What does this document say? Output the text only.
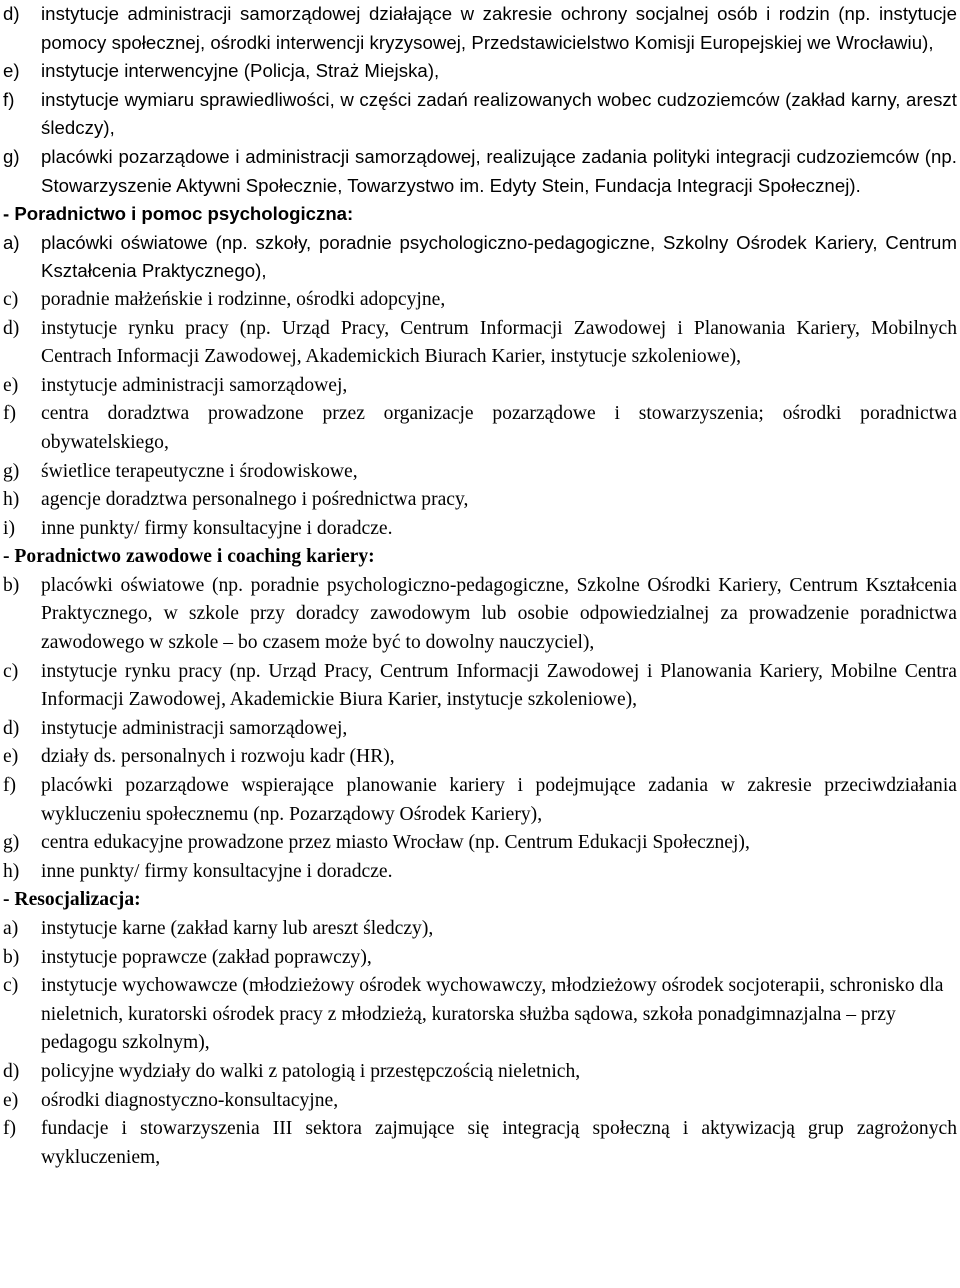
d)	instytucje administracji samorządowej działające w zakresie ochrony socjalnej osób i rodzin (np. instytucje pomocy społecznej, ośrodki interwencji kryzysowej, Przedstawicielstwo Komisji Europejskiej we Wrocławiu),
e)	instytucje interwencyjne (Policja, Straż Miejska),
f)	instytucje wymiaru sprawiedliwości, w części zadań realizowanych wobec cudzoziemców (zakład karny, areszt śledczy),
g)	placówki pozarządowe i administracji samorządowej, realizujące zadania polityki integracji cudzoziemców (np. Stowarzyszenie Aktywni Społecznie, Towarzystwo im. Edyty Stein, Fundacja Integracji Społecznej).
- Poradnictwo i pomoc psychologiczna:
a)	placówki oświatowe (np. szkoły, poradnie psychologiczno-pedagogiczne, Szkolny Ośrodek Kariery, Centrum Kształcenia Praktycznego),
c)	poradnie małżeńskie i rodzinne, ośrodki adopcyjne,
d)	instytucje rynku pracy (np. Urząd Pracy, Centrum Informacji Zawodowej i Planowania Kariery, Mobilnych Centrach Informacji Zawodowej, Akademickich Biurach Karier, instytucje szkoleniowe),
e)	instytucje administracji samorządowej,
f)	centra doradztwa prowadzone przez organizacje pozarządowe i stowarzyszenia; ośrodki poradnictwa obywatelskiego,
g)	świetlice terapeutyczne i środowiskowe,
h)	agencje doradztwa personalnego i pośrednictwa pracy,
i)	inne punkty/ firmy konsultacyjne i doradcze.
- Poradnictwo zawodowe i coaching kariery:
b)	placówki oświatowe (np. poradnie psychologiczno-pedagogiczne, Szkolne Ośrodki Kariery, Centrum Kształcenia Praktycznego, w szkole przy doradcy zawodowym lub osobie odpowiedzialnej za prowadzenie poradnictwa zawodowego w szkole – bo czasem może być to dowolny nauczyciel),
c)	instytucje rynku pracy (np. Urząd Pracy, Centrum Informacji Zawodowej i Planowania Kariery, Mobilne Centra Informacji Zawodowej, Akademickie Biura Karier, instytucje szkoleniowe),
d)	instytucje administracji samorządowej,
e)	działy ds. personalnych i rozwoju kadr (HR),
f)	placówki pozarządowe wspierające planowanie kariery i podejmujące zadania w zakresie przeciwdziałania wykluczeniu społecznemu (np. Pozarządowy Ośrodek Kariery),
g)	centra edukacyjne prowadzone przez miasto Wrocław (np. Centrum Edukacji Społecznej),
h)	inne punkty/ firmy konsultacyjne i doradcze.
- Resocjalizacja:
a)	instytucje karne (zakład karny lub areszt śledczy),
b)	instytucje poprawcze (zakład poprawczy),
c)	instytucje wychowawcze (młodzieżowy ośrodek wychowawczy, młodzieżowy ośrodek socjoterapii, schronisko dla nieletnich, kuratorski ośrodek pracy z młodzieżą, kuratorska służba sądowa, szkoła ponadgimnazjalna – przy pedagogu szkolnym),
d)	policyjne wydziały do walki z patologią i przestępczością nieletnich,
e)	ośrodki diagnostyczno-konsultacyjne,
f)	fundacje i stowarzyszenia III sektora zajmujące się integracją społeczną i aktywizacją grup zagrożonych wykluczeniem,
